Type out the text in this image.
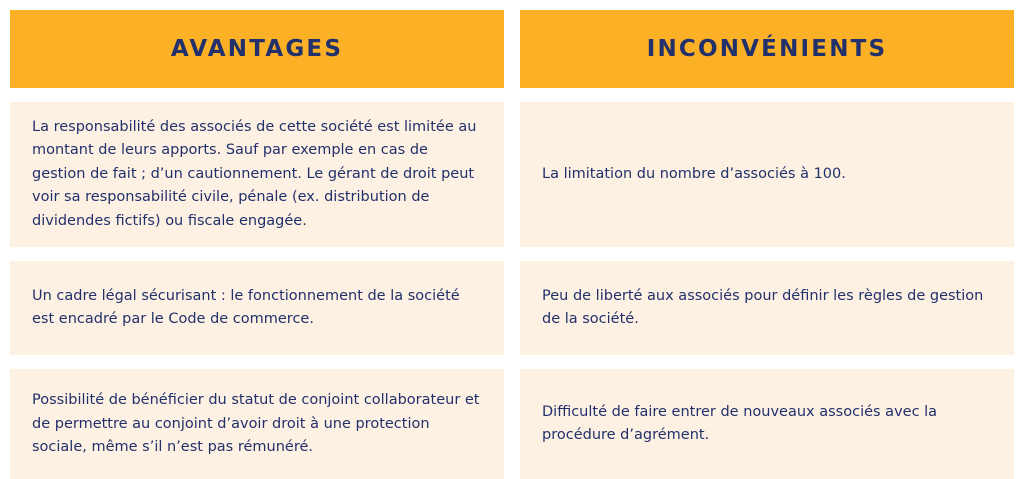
AVANTAGES	INCONVÉNIENTS
La responsabilité des associés de cette société est limitée au montant de leurs apports. Sauf par exemple en cas de gestion de fait ; d’un cautionnement. Le gérant de droit peut voir sa responsabilité civile, pénale (ex. distribution de dividendes fictifs) ou fiscale engagée.
La limitation du nombre d’associés à 100.
Un cadre légal sécurisant : le fonctionnement de la société est encadré par le Code de commerce.
Peu de liberté aux associés pour définir les règles de gestion de la société.
Possibilité de bénéficier du statut de conjoint collaborateur et de permettre au conjoint d’avoir droit à une protection sociale, même s’il n’est pas rémunéré.
Difficulté de faire entrer de nouveaux associés avec la procédure d’agrément.
